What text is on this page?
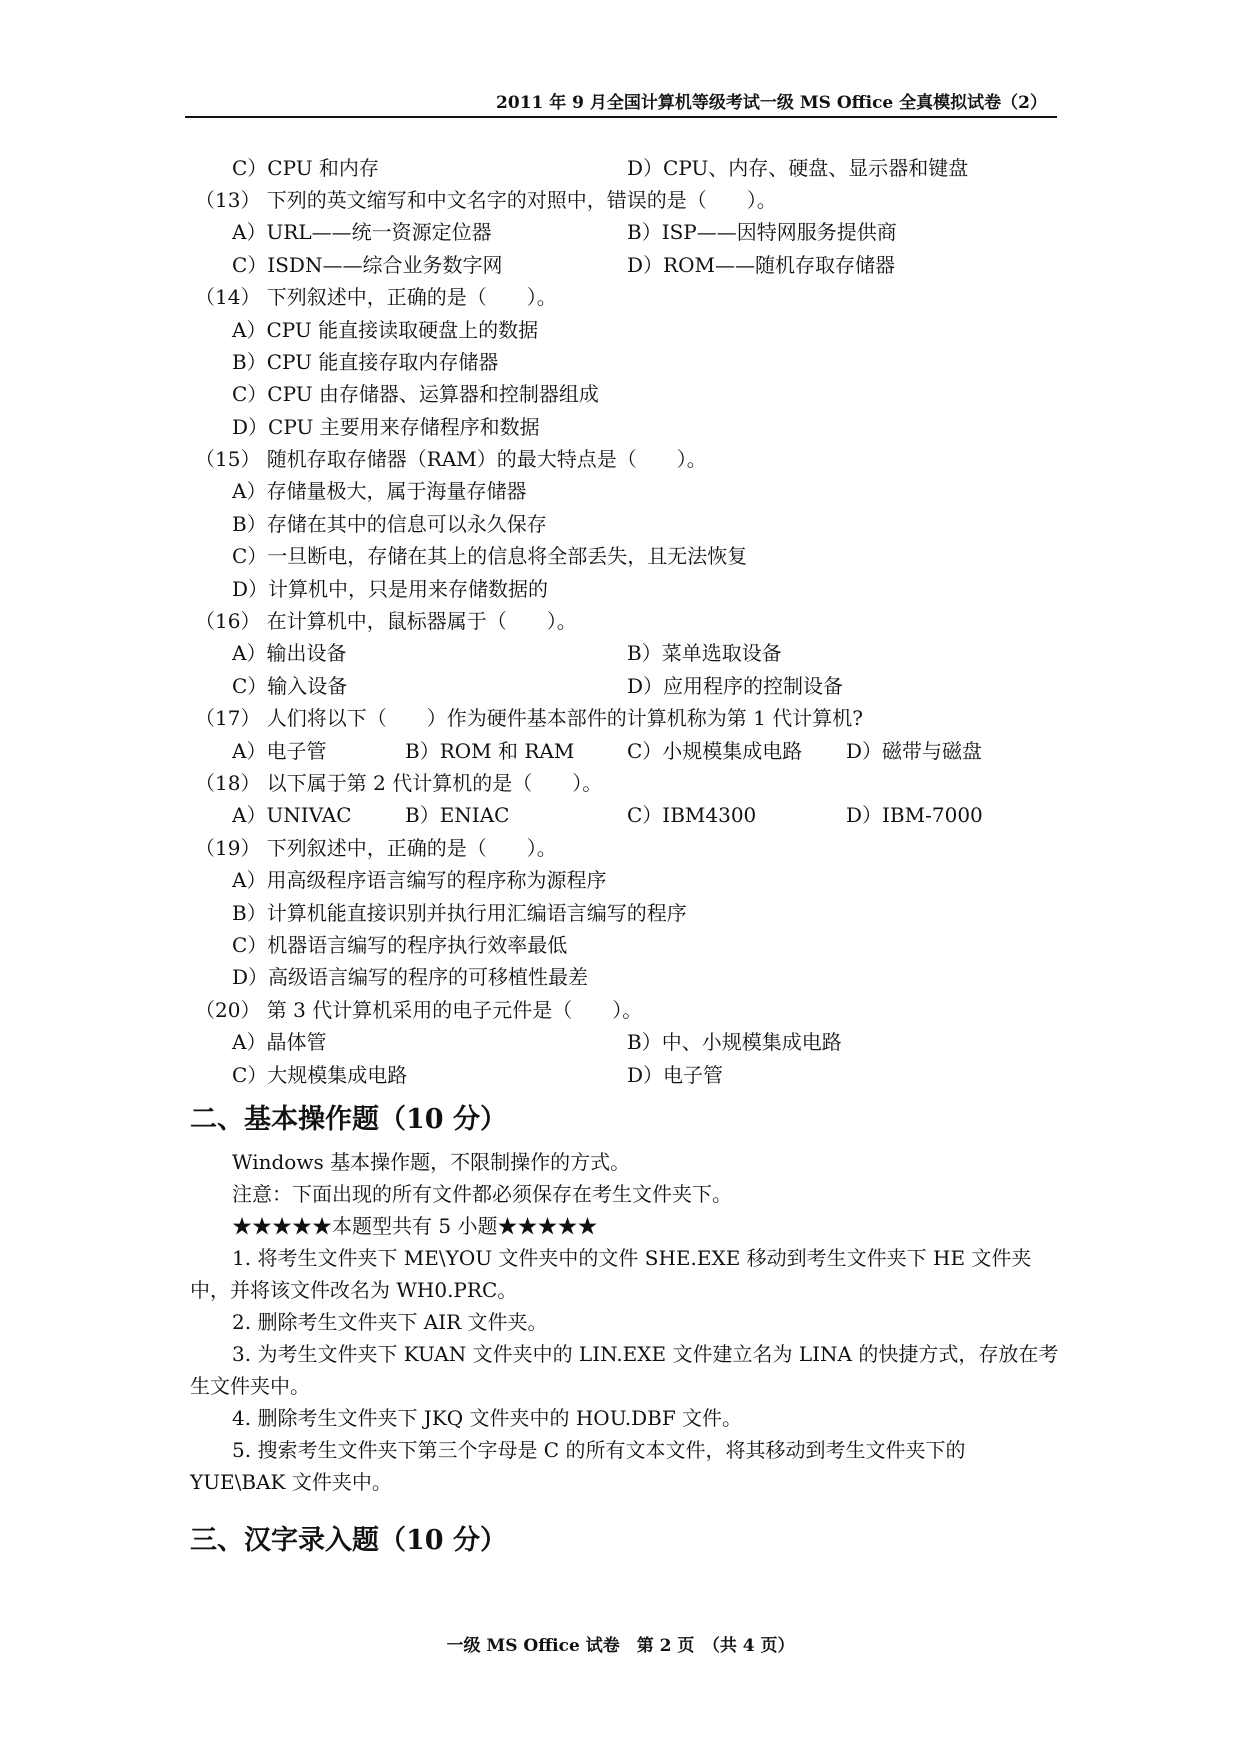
2011 年 9 月全国计算机等级考试一级 MS Office 全真模拟试卷（2）
C）CPU 和内存	D）CPU、内存、硬盘、显示器和键盘
（13） 下列的英文缩写和中文名字的对照中，错误的是（　　）。
A）URL——统一资源定位器	B）ISP——因特网服务提供商
C）ISDN——综合业务数字网	D）ROM——随机存取存储器
（14） 下列叙述中，正确的是（　　）。
A）CPU 能直接读取硬盘上的数据
B）CPU 能直接存取内存储器
C）CPU 由存储器、运算器和控制器组成
D）CPU 主要用来存储程序和数据
（15） 随机存取存储器（RAM）的最大特点是（　　）。
A）存储量极大，属于海量存储器
B）存储在其中的信息可以永久保存
C）一旦断电，存储在其上的信息将全部丢失，且无法恢复
D）计算机中，只是用来存储数据的
（16） 在计算机中，鼠标器属于（　　）。
A）输出设备	B）菜单选取设备
C）输入设备	D）应用程序的控制设备
（17） 人们将以下（　　）作为硬件基本部件的计算机称为第 1 代计算机?
A）电子管	B）ROM 和 RAM	C）小规模集成电路 D）磁带与磁盘
（18） 以下属于第 2 代计算机的是（　　）。
A）UNIVAC	B）ENIAC	C）IBM4300	D）IBM-7000
（19） 下列叙述中，正确的是（　　）。
A）用高级程序语言编写的程序称为源程序
B）计算机能直接识别并执行用汇编语言编写的程序
C）机器语言编写的程序执行效率最低
D）高级语言编写的程序的可移植性最差
（20） 第 3 代计算机采用的电子元件是（　　）。
A）晶体管	B）中、小规模集成电路
C）大规模集成电路	D）电子管
二、基本操作题（10 分）
Windows 基本操作题，不限制操作的方式。
注意：下面出现的所有文件都必须保存在考生文件夹下。
★★★★★本题型共有 5 小题★★★★★
1. 将考生文件夹下 ME\YOU 文件夹中的文件 SHE.EXE 移动到考生文件夹下 HE 文件夹中，并将该文件改名为 WH0.PRC。
2. 删除考生文件夹下 AIR 文件夹。
3. 为考生文件夹下 KUAN 文件夹中的 LIN.EXE 文件建立名为 LINA 的快捷方式，存放在考生文件夹中。
4. 删除考生文件夹下 JKQ 文件夹中的 HOU.DBF 文件。
5. 搜索考生文件夹下第三个字母是 C 的所有文本文件，将其移动到考生文件夹下的 YUE\BAK 文件夹中。
三、汉字录入题（10 分）
一级 MS Office 试卷　第 2 页　（共 4 页）
